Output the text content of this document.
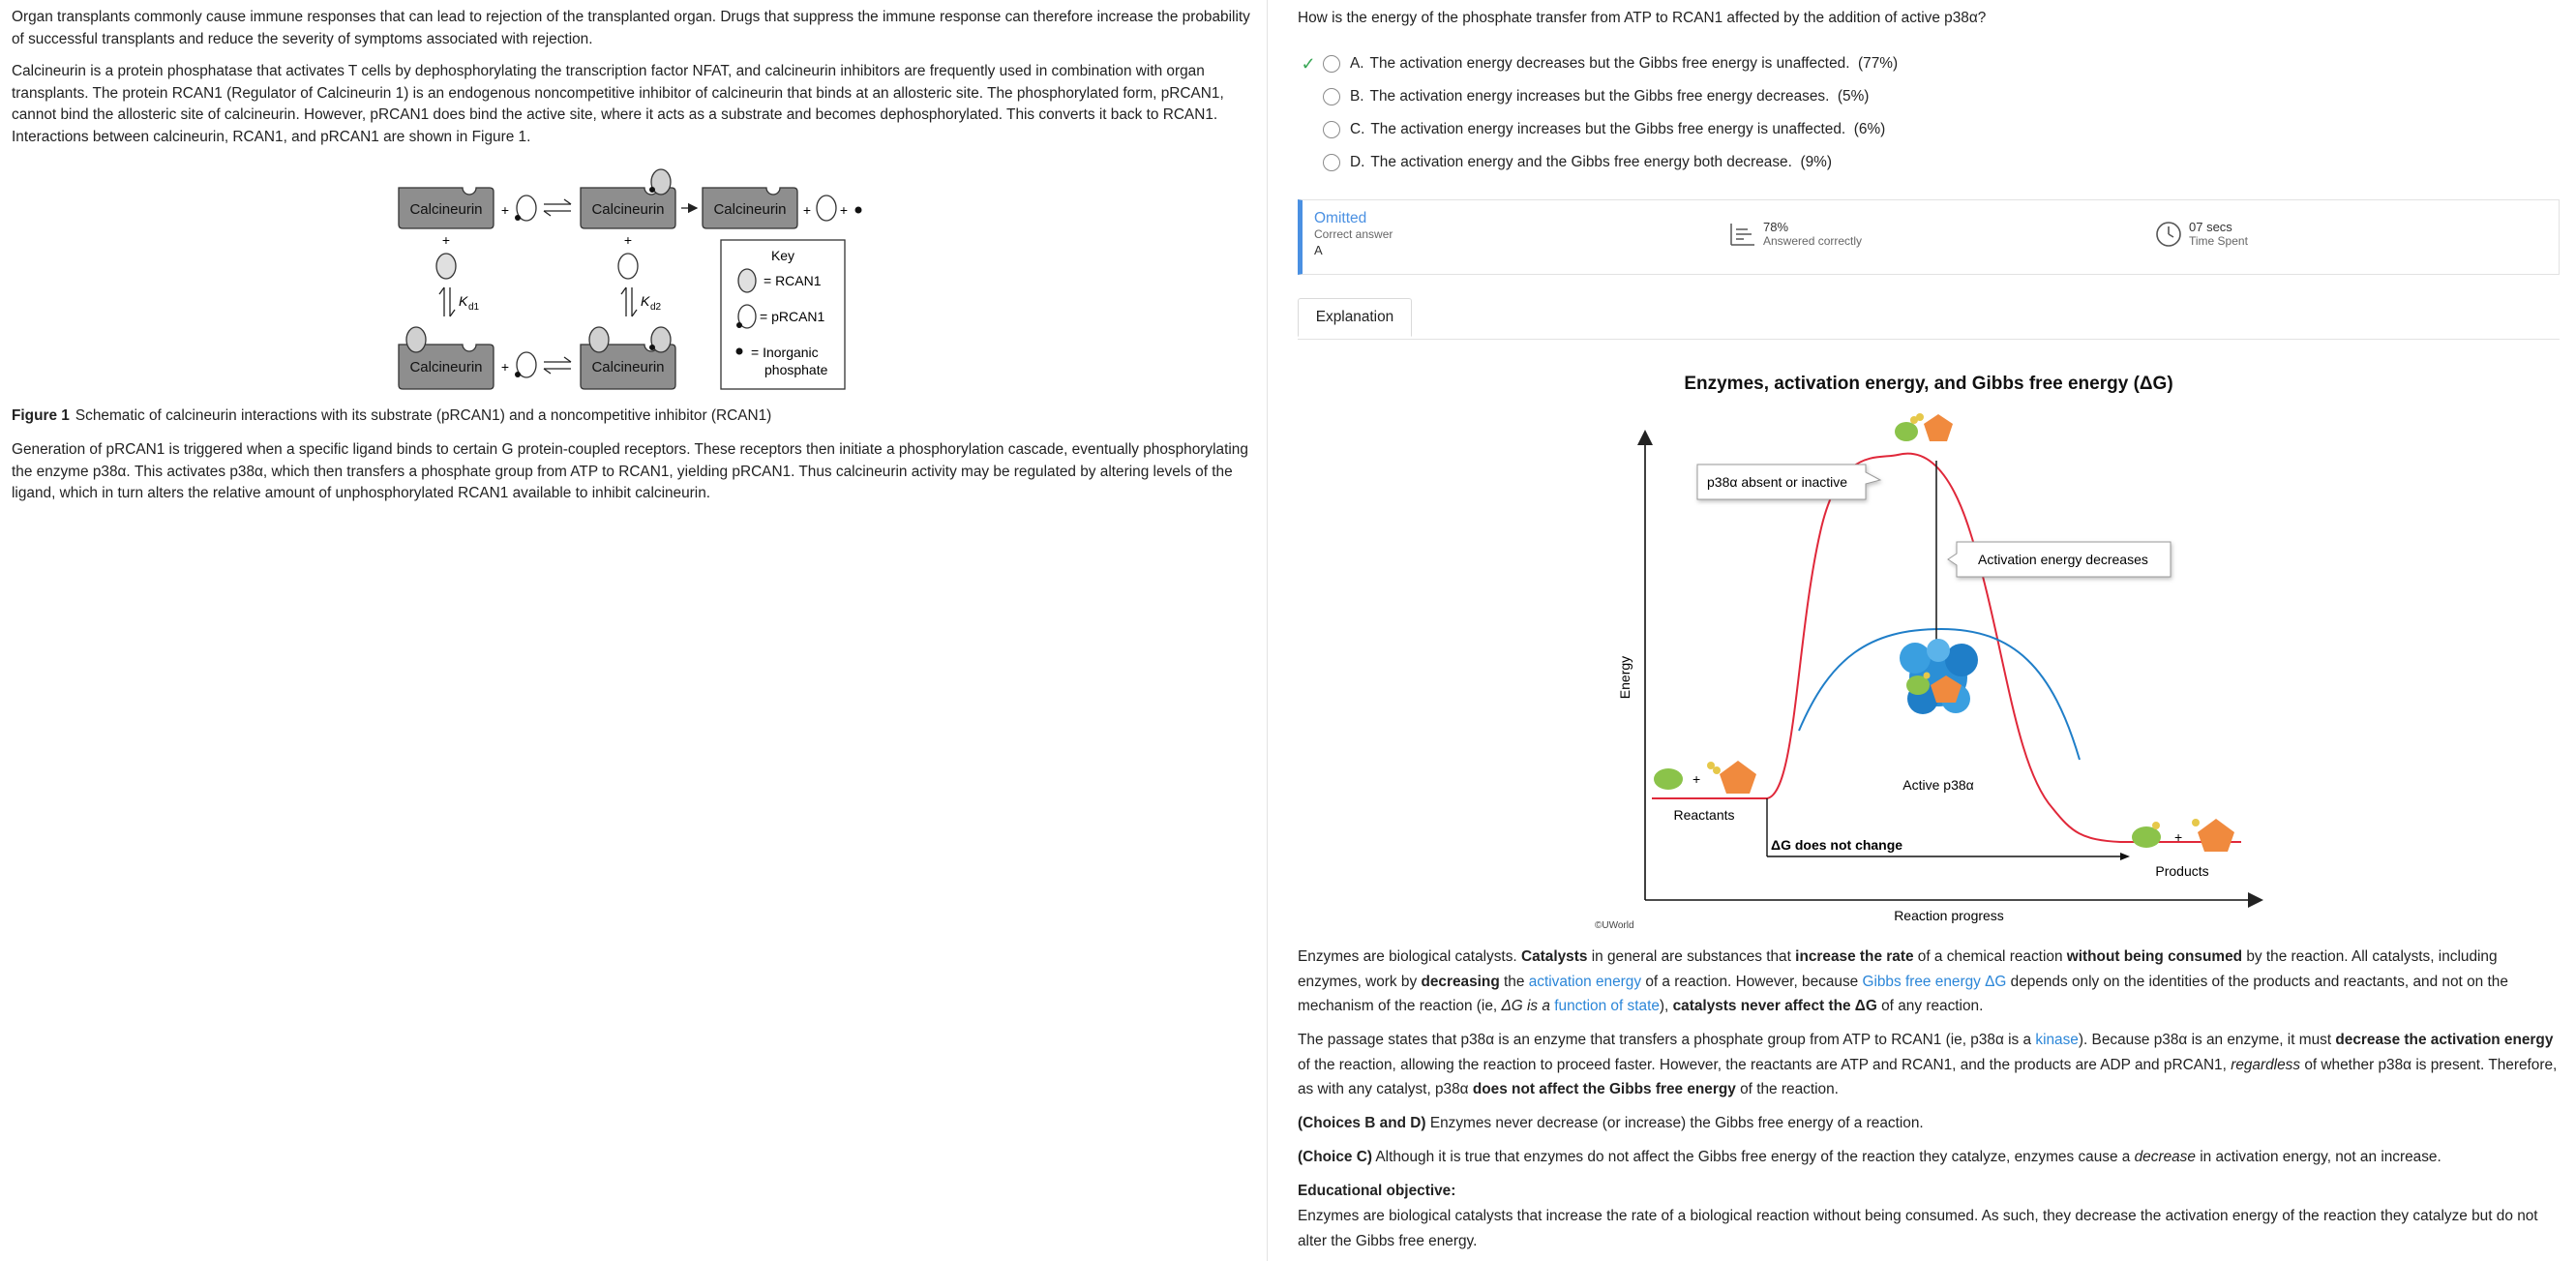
Organ transplants commonly cause immune responses that can lead to rejection of the transplanted organ. Drugs that suppress the immune response can therefore increase the probability of successful transplants and reduce the severity of symptoms associated with rejection.

Calcineurin is a protein phosphatase that activates T cells by dephosphorylating the transcription factor NFAT, and calcineurin inhibitors are frequently used in combination with organ transplants. The protein RCAN1 (Regulator of Calcineurin 1) is an endogenous noncompetitive inhibitor of calcineurin that binds at an allosteric site. The phosphorylated form, pRCAN1, cannot bind the allosteric site of calcineurin. However, pRCAN1 does bind the active site, where it acts as a substrate and becomes dephosphorylated. This converts it back to RCAN1. Interactions between calcineurin, RCAN1, and pRCAN1 are shown in Figure 1.

Calcineurin +	Calcineurin	Calcineurin + +
+
K d1
+
K d2
Calcineurin +	Calcineurin
Key
= RCAN1
= pRCAN1
= Inorganic
phosphate
Figure 1 Schematic of calcineurin interactions with its substrate (pRCAN1) and a noncompetitive inhibitor (RCAN1)

Generation of pRCAN1 is triggered when a specific ligand binds to certain G protein-coupled receptors. These receptors then initiate a phosphorylation cascade, eventually phosphorylating the enzyme p38α. This activates p38α, which then transfers a phosphate group from ATP to RCAN1, yielding pRCAN1. Thus calcineurin activity may be regulated by altering levels of the ligand, which in turn alters the relative amount of unphosphorylated RCAN1 available to inhibit calcineurin.

How is the energy of the phosphate transfer from ATP to RCAN1 affected by the addition of active p38α?
✓ A. The activation energy decreases but the Gibbs free energy is unaffected.
(77%)
B. The activation energy increases but the Gibbs free energy decreases.
(5%)
C. The activation energy increases but the Gibbs free energy is unaffected.
(6%)
D. The activation energy and the Gibbs free energy both decrease.
(9%)
Omitted
Correct answer
A
78%
Answered correctly
07 secs
Time Spent
Explanation
Enzymes, activation energy, and Gibbs free energy (ΔG)
Energy
Reaction progress
ΔG does not change
p38α absent or inactive
Activation energy decreases
+
Reactants
+
Products
Active p38α
©UWorld

Enzymes are biological catalysts. Catalysts in general are substances that increase the rate of a chemical reaction without being consumed by the reaction. All catalysts, including enzymes, work by decreasing the activation energy of a reaction. However, because Gibbs free energy ΔG depends only on the identities of the products and reactants, and not on the mechanism of the reaction (ie, ΔG is a function of state), catalysts never affect the ΔG of any reaction.

The passage states that p38α is an enzyme that transfers a phosphate group from ATP to RCAN1 (ie, p38α is a kinase). Because p38α is an enzyme, it must decrease the activation energy of the reaction, allowing the reaction to proceed faster. However, the reactants are ATP and RCAN1, and the products are ADP and pRCAN1, regardless of whether p38α is present. Therefore, as with any catalyst, p38α does not affect the Gibbs free energy of the reaction.

(Choices B and D) Enzymes never decrease (or increase) the Gibbs free energy of a reaction.

(Choice C) Although it is true that enzymes do not affect the Gibbs free energy of the reaction they catalyze, enzymes cause a decrease in activation energy, not an increase.

Educational objective:

Enzymes are biological catalysts that increase the rate of a biological reaction without being consumed. As such, they decrease the activation energy of the reaction they catalyze but do not alter the Gibbs free energy.
